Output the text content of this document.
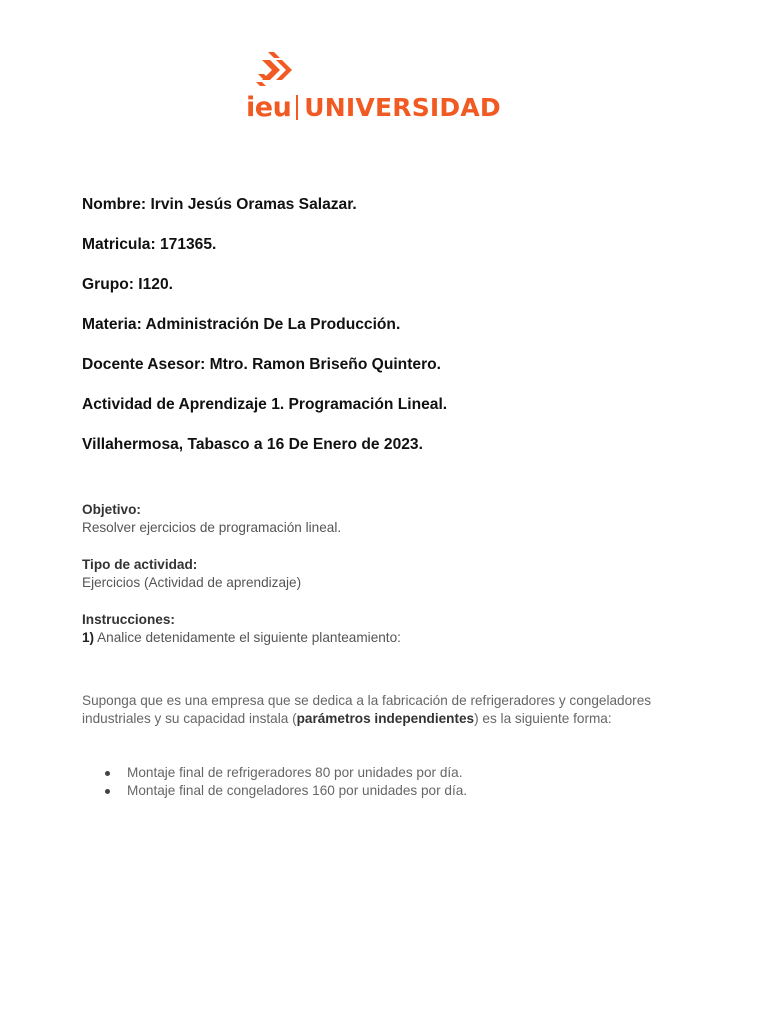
ieu UNIVERSIDAD

Nombre: Irvin Jesús Oramas Salazar.

Matricula: 171365.

Grupo: I120.

Materia: Administración De La Producción.

Docente Asesor: Mtro. Ramon Briseño Quintero.

Actividad de Aprendizaje 1. Programación Lineal.

Villahermosa, Tabasco a 16 De Enero de 2023.

Objetivo:
Resolver ejercicios de programación lineal.
Tipo de actividad:
Ejercicios (Actividad de aprendizaje)
Instrucciones:
1) Analice detenidamente el siguiente planteamiento:
Suponga que es una empresa que se dedica a la fabricación de refrigeradores y congeladores industriales y su capacidad instala (parámetros independientes) es la siguiente forma:
Montaje final de refrigeradores 80 por unidades por día.
Montaje final de congeladores 160 por unidades por día.
